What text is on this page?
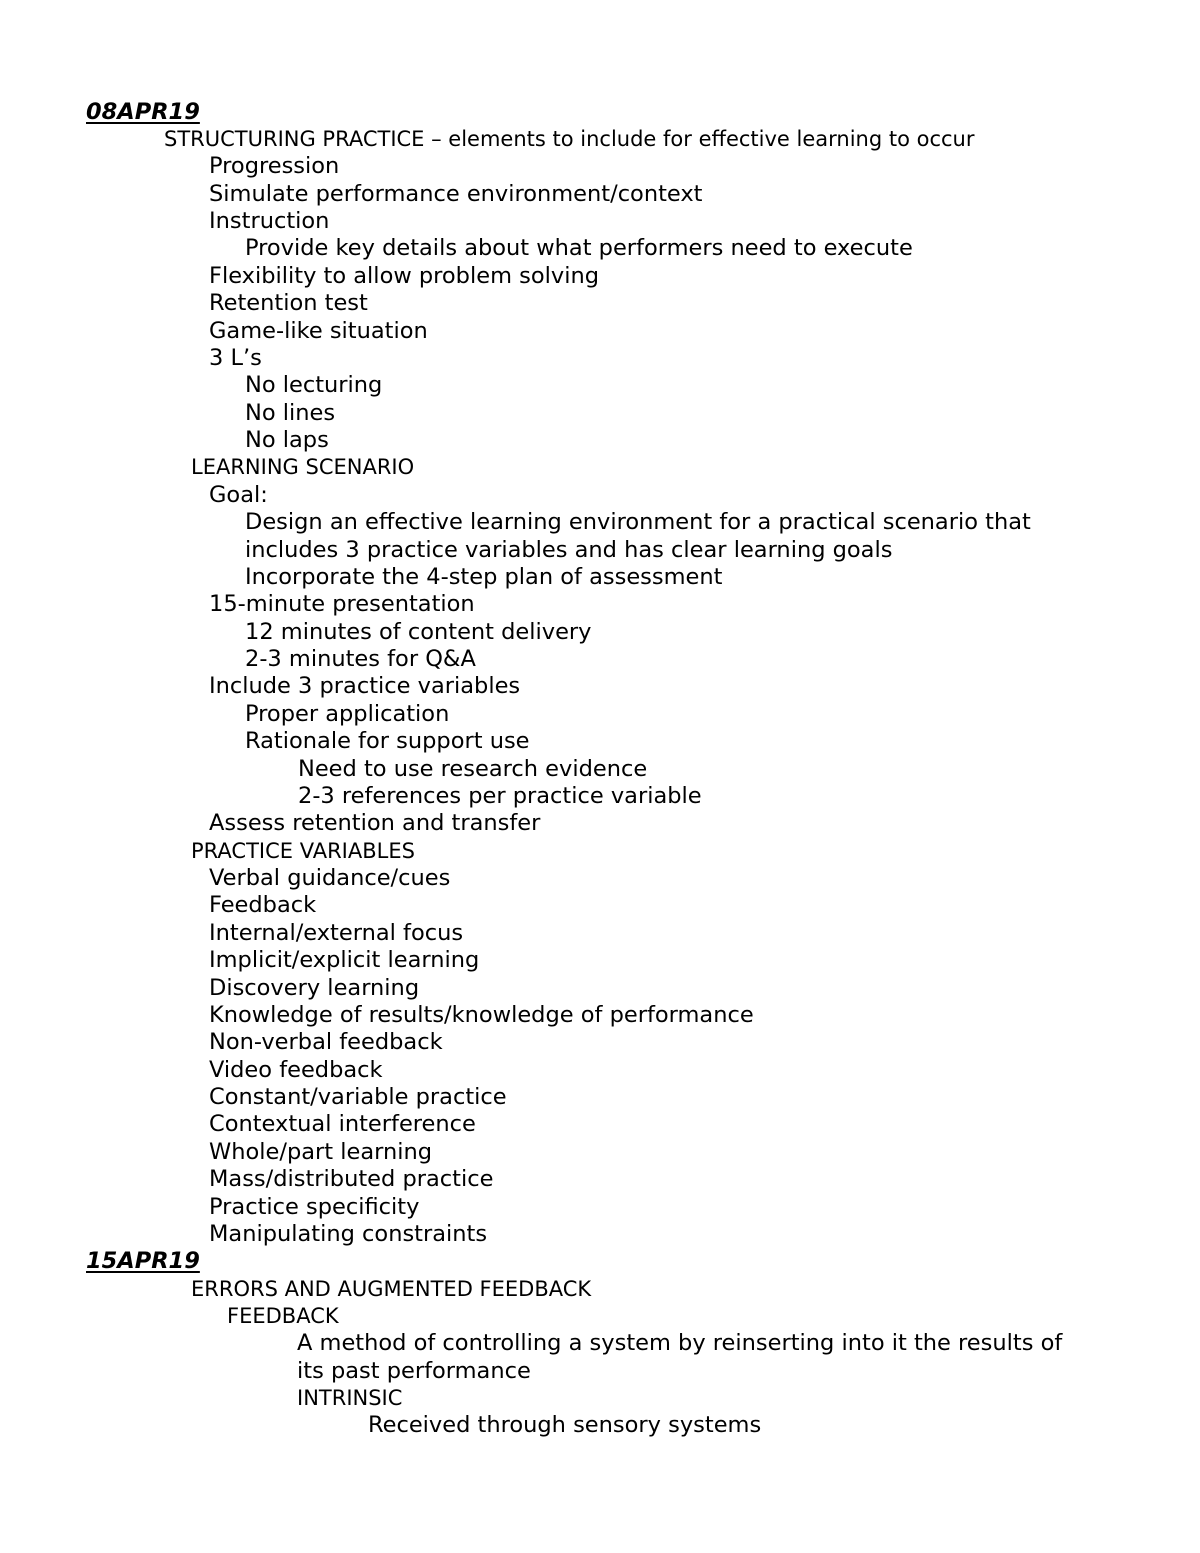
08APR19
STRUCTURING PRACTICE – elements to include for effective learning to occur
Progression
Simulate performance environment/context
Instruction
Provide key details about what performers need to execute
Flexibility to allow problem solving
Retention test
Game-like situation
3 L’s
No lecturing
No lines
No laps
LEARNING SCENARIO
Goal:
Design an effective learning environment for a practical scenario that
includes 3 practice variables and has clear learning goals
Incorporate the 4-step plan of assessment
15-minute presentation
12 minutes of content delivery
2-3 minutes for Q&A
Include 3 practice variables
Proper application
Rationale for support use
Need to use research evidence
2-3 references per practice variable
Assess retention and transfer
PRACTICE VARIABLES
Verbal guidance/cues
Feedback
Internal/external focus
Implicit/explicit learning
Discovery learning
Knowledge of results/knowledge of performance
Non-verbal feedback
Video feedback
Constant/variable practice
Contextual interference
Whole/part learning
Mass/distributed practice
Practice specificity
Manipulating constraints
15APR19
ERRORS AND AUGMENTED FEEDBACK
FEEDBACK
A method of controlling a system by reinserting into it the results of
its past performance
INTRINSIC
Received through sensory systems
